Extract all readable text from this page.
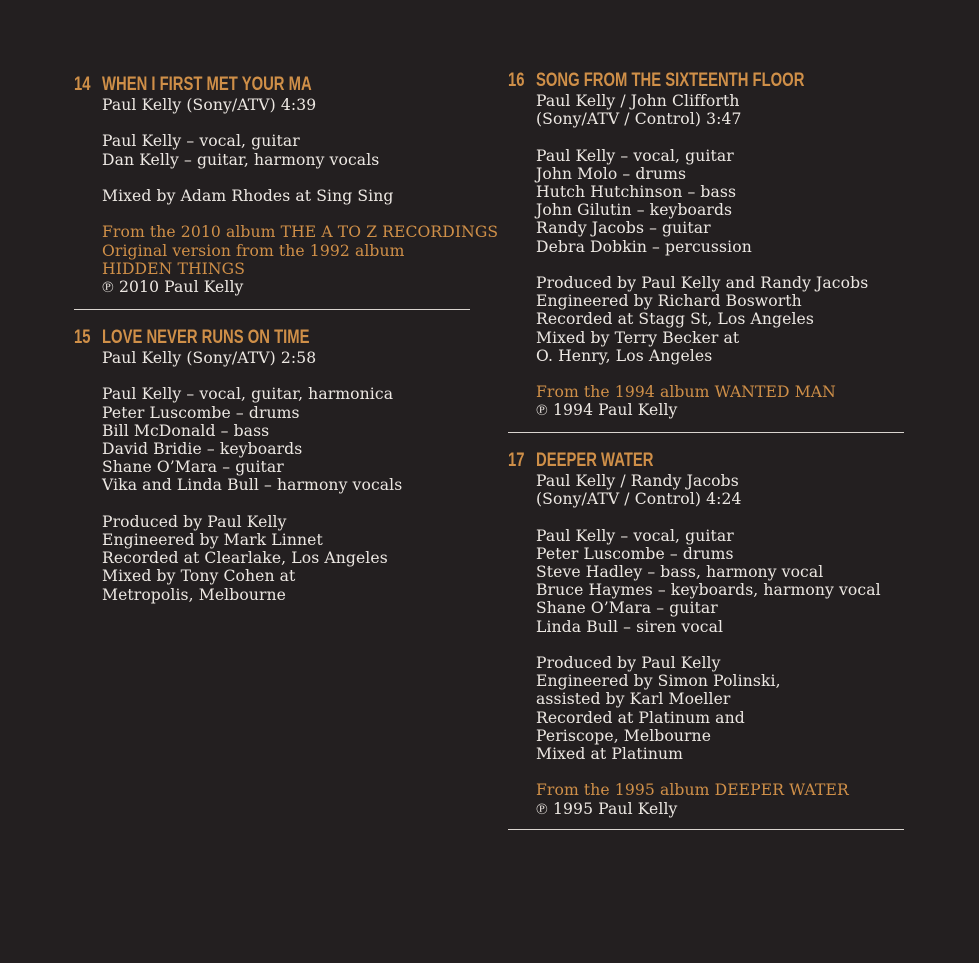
14 WHEN I FIRST MET YOUR MA
Paul Kelly (Sony/ATV) 4:39
Paul Kelly – vocal, guitar
Dan Kelly – guitar, harmony vocals
Mixed by Adam Rhodes at Sing Sing
From the 2010 album THE A TO Z RECORDINGS
Original version from the 1992 album
HIDDEN THINGS
℗ 2010 Paul Kelly
15 LOVE NEVER RUNS ON TIME
Paul Kelly (Sony/ATV) 2:58
Paul Kelly – vocal, guitar, harmonica
Peter Luscombe – drums
Bill McDonald – bass
David Bridie – keyboards
Shane O’Mara – guitar
Vika and Linda Bull – harmony vocals
Produced by Paul Kelly
Engineered by Mark Linnet
Recorded at Clearlake, Los Angeles
Mixed by Tony Cohen at
Metropolis, Melbourne
16 SONG FROM THE SIXTEENTH FLOOR
Paul Kelly / John Clifforth
(Sony/ATV / Control) 3:47
Paul Kelly – vocal, guitar
John Molo – drums
Hutch Hutchinson – bass
John Gilutin – keyboards
Randy Jacobs – guitar
Debra Dobkin – percussion
Produced by Paul Kelly and Randy Jacobs
Engineered by Richard Bosworth
Recorded at Stagg St, Los Angeles
Mixed by Terry Becker at
O. Henry, Los Angeles
From the 1994 album WANTED MAN
℗ 1994 Paul Kelly
17 DEEPER WATER
Paul Kelly / Randy Jacobs
(Sony/ATV / Control) 4:24
Paul Kelly – vocal, guitar
Peter Luscombe – drums
Steve Hadley – bass, harmony vocal
Bruce Haymes – keyboards, harmony vocal
Shane O’Mara – guitar
Linda Bull – siren vocal
Produced by Paul Kelly
Engineered by Simon Polinski,
assisted by Karl Moeller
Recorded at Platinum and
Periscope, Melbourne
Mixed at Platinum
From the 1995 album DEEPER WATER
℗ 1995 Paul Kelly
